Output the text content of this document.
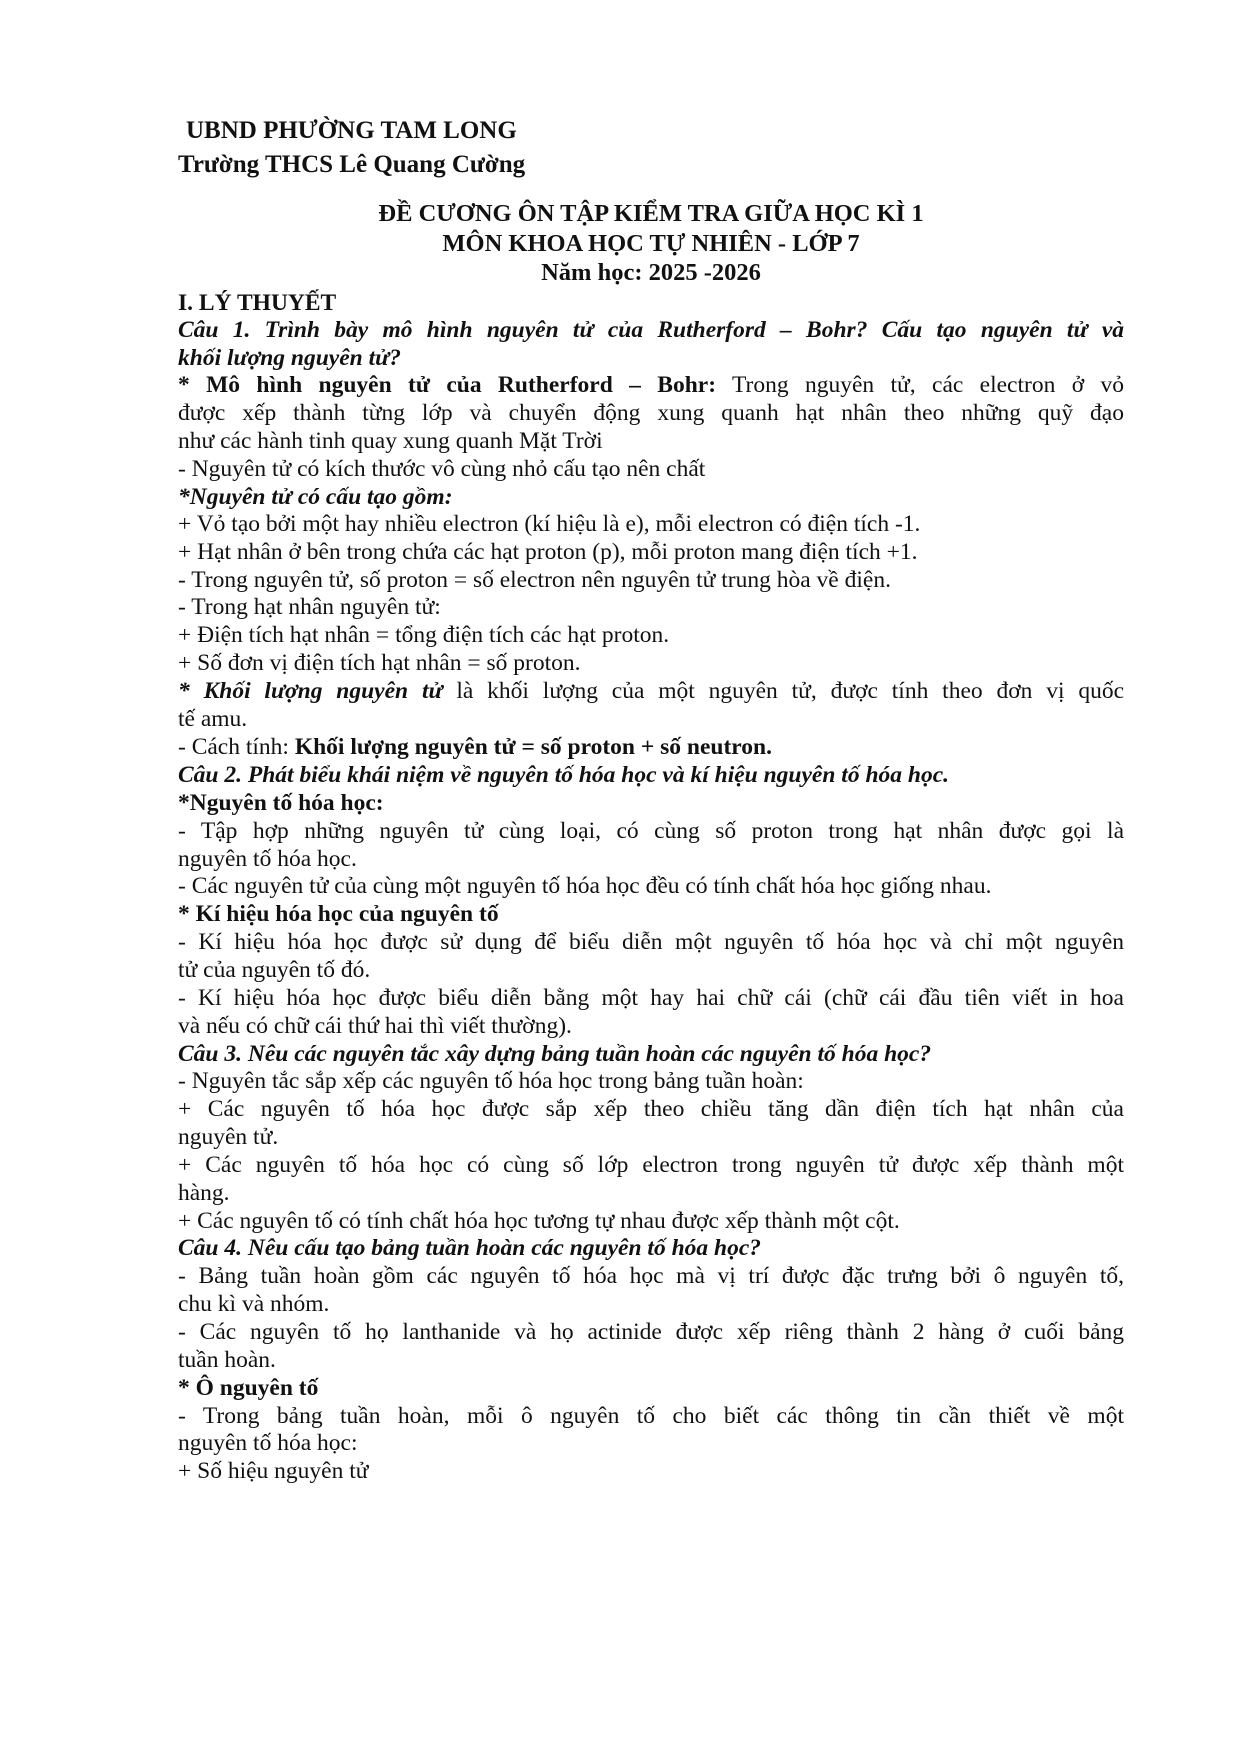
UBND PHƯỜNG TAM LONG
Trường THCS Lê Quang Cường
ĐỀ CƯƠNG ÔN TẬP KIỂM TRA GIỮA HỌC KÌ 1
MÔN KHOA HỌC TỰ NHIÊN - LỚP 7
Năm học: 2025 -2026
I. LÝ THUYẾT
Câu 1. Trình bày mô hình nguyên tử của Rutherford – Bohr? Cấu tạo nguyên tử và
khối lượng nguyên tử?
* Mô hình nguyên tử của Rutherford – Bohr: Trong nguyên tử, các electron ở vỏ
được xếp thành từng lớp và chuyển động xung quanh hạt nhân theo những quỹ đạo
như các hành tinh quay xung quanh Mặt Trời
- Nguyên tử có kích thước vô cùng nhỏ cấu tạo nên chất
*Nguyên tử có cấu tạo gồm:
+ Vỏ tạo bởi một hay nhiều electron (kí hiệu là e), mỗi electron có điện tích -1.
+ Hạt nhân ở bên trong chứa các hạt proton (p), mỗi proton mang điện tích +1.
- Trong nguyên tử, số proton = số electron nên nguyên tử trung hòa về điện.
- Trong hạt nhân nguyên tử:
+ Điện tích hạt nhân = tổng điện tích các hạt proton.
+ Số đơn vị điện tích hạt nhân = số proton.
* Khối lượng nguyên tử là khối lượng của một nguyên tử, được tính theo đơn vị quốc
tế amu.
- Cách tính: Khối lượng nguyên tử = số proton + số neutron.
Câu 2. Phát biểu khái niệm về nguyên tố hóa học và kí hiệu nguyên tố hóa học.
*Nguyên tố hóa học:
- Tập hợp những nguyên tử cùng loại, có cùng số proton trong hạt nhân được gọi là
nguyên tố hóa học.
- Các nguyên tử của cùng một nguyên tố hóa học đều có tính chất hóa học giống nhau.
* Kí hiệu hóa học của nguyên tố
- Kí hiệu hóa học được sử dụng để biểu diễn một nguyên tố hóa học và chỉ một nguyên
tử của nguyên tố đó.
- Kí hiệu hóa học được biểu diễn bằng một hay hai chữ cái (chữ cái đầu tiên viết in hoa
và nếu có chữ cái thứ hai thì viết thường).
Câu 3. Nêu các nguyên tắc xây dựng bảng tuần hoàn các nguyên tố hóa học?
- Nguyên tắc sắp xếp các nguyên tố hóa học trong bảng tuần hoàn:
+ Các nguyên tố hóa học được sắp xếp theo chiều tăng dần điện tích hạt nhân của
nguyên tử.
+ Các nguyên tố hóa học có cùng số lớp electron trong nguyên tử được xếp thành một
hàng.
+ Các nguyên tố có tính chất hóa học tương tự nhau được xếp thành một cột.
Câu 4. Nêu cấu tạo bảng tuần hoàn các nguyên tố hóa học?
- Bảng tuần hoàn gồm các nguyên tố hóa học mà vị trí được đặc trưng bởi ô nguyên tố,
chu kì và nhóm.
- Các nguyên tố họ lanthanide và họ actinide được xếp riêng thành 2 hàng ở cuối bảng
tuần hoàn.
* Ô nguyên tố
- Trong bảng tuần hoàn, mỗi ô nguyên tố cho biết các thông tin cần thiết về một
nguyên tố hóa học:
+ Số hiệu nguyên tử
